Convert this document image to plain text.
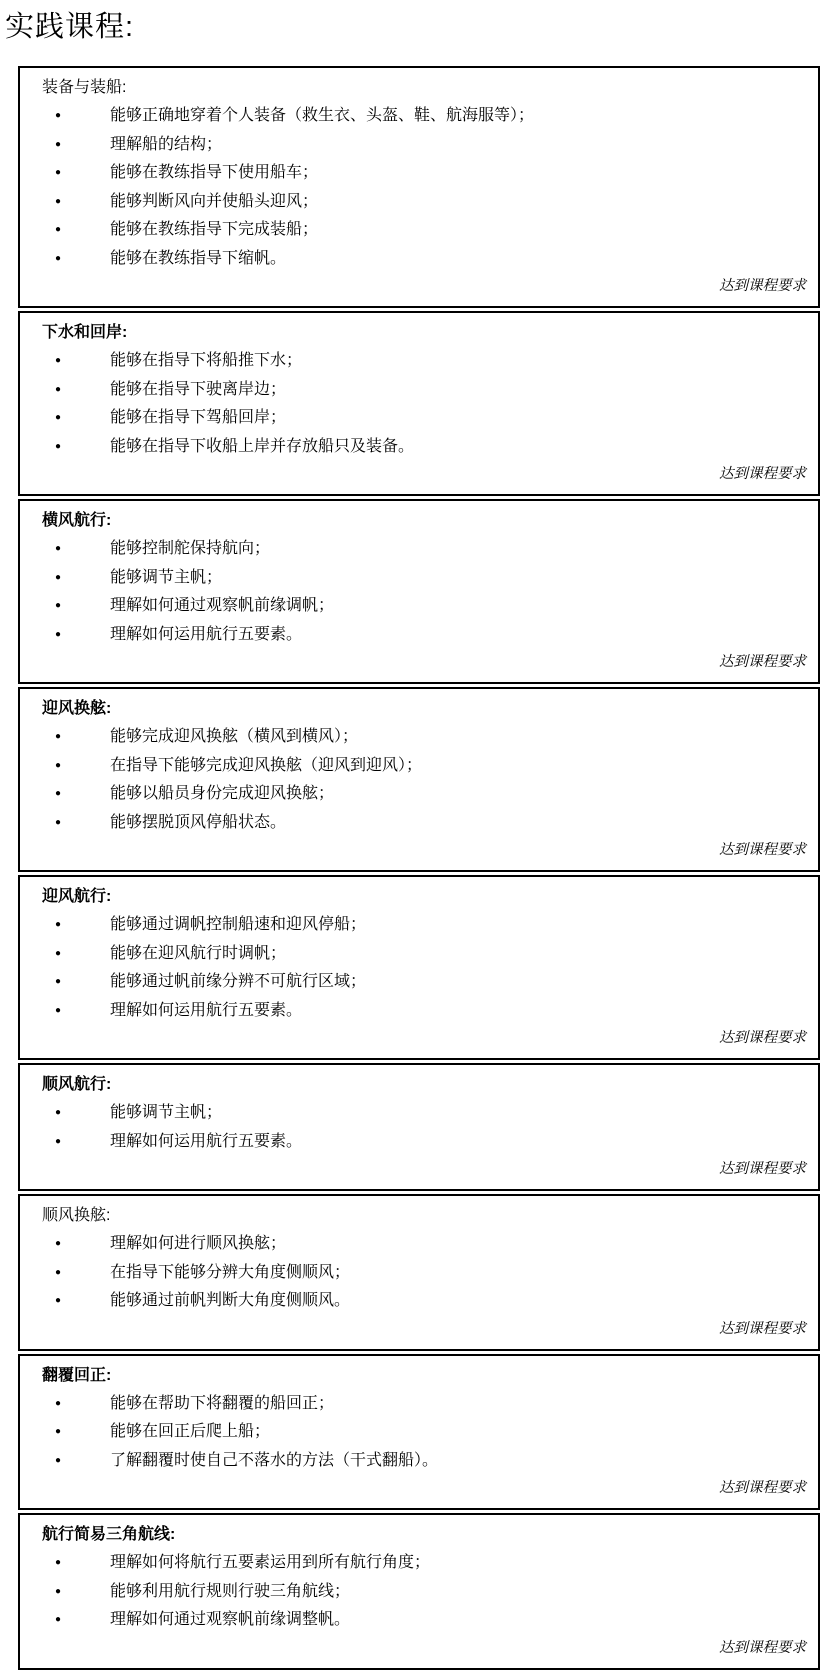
实践课程:
装备与装船:
●
能够正确地穿着个人装备（救生衣、头盔、鞋、航海服等）；
●
理解船的结构；
●
能够在教练指导下使用船车；
●
能够判断风向并使船头迎风；
●
能够在教练指导下完成装船；
●
能够在教练指导下缩帆。
达到课程要求
下水和回岸:
●
能够在指导下将船推下水；
●
能够在指导下驶离岸边；
●
能够在指导下驾船回岸；
●
能够在指导下收船上岸并存放船只及装备。
达到课程要求
横风航行:
●
能够控制舵保持航向；
●
能够调节主帆；
●
理解如何通过观察帆前缘调帆；
●
理解如何运用航行五要素。
达到课程要求
迎风换舷:
●
能够完成迎风换舷（横风到横风）；
●
在指导下能够完成迎风换舷（迎风到迎风）；
●
能够以船员身份完成迎风换舷；
●
能够摆脱顶风停船状态。
达到课程要求
迎风航行:
●
能够通过调帆控制船速和迎风停船；
●
能够在迎风航行时调帆；
●
能够通过帆前缘分辨不可航行区域；
●
理解如何运用航行五要素。
达到课程要求
顺风航行:
●
能够调节主帆；
●
理解如何运用航行五要素。
达到课程要求
顺风换舷:
●
理解如何进行顺风换舷；
●
在指导下能够分辨大角度侧顺风；
●
能够通过前帆判断大角度侧顺风。
达到课程要求
翻覆回正:
●
能够在帮助下将翻覆的船回正；
●
能够在回正后爬上船；
●
了解翻覆时使自己不落水的方法（干式翻船）。
达到课程要求
航行简易三角航线:
●
理解如何将航行五要素运用到所有航行角度；
●
能够利用航行规则行驶三角航线；
●
理解如何通过观察帆前缘调整帆。
达到课程要求
